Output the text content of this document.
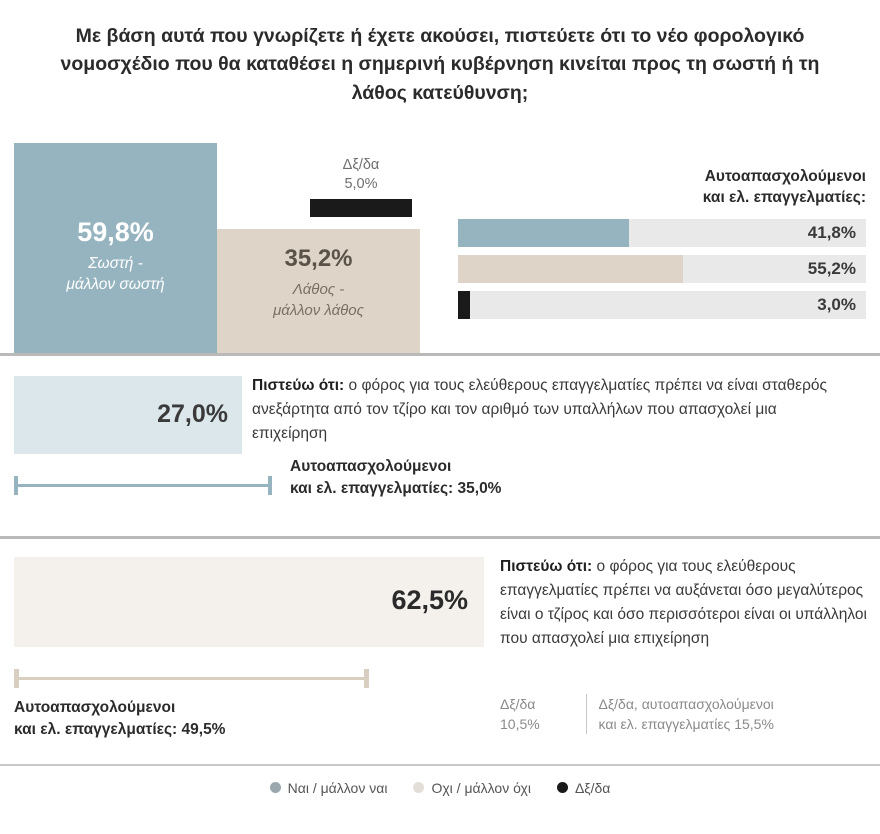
Με βάση αυτά που γνωρίζετε ή έχετε ακούσει, πιστεύετε ότι το νέο φορολογικό νομοσχέδιο που θα καταθέσει η σημερινή κυβέρνηση κινείται προς τη σωστή ή τη λάθος κατεύθυνση;
Δξ/δα
5,0%
59,8%
Σωστή -
μάλλον σωστή
35,2%
Λάθος -
μάλλον λάθος
Αυτοαπασχολούμενοι
και ελ. επαγγελματίες:
41,8%
55,2%
3,0%
27,0%
Πιστεύω ότι: ο φόρος για τους ελεύθερους επαγγελματίες πρέπει να είναι σταθερός ανεξάρτητα από τον τζίρο και τον αριθμό των υπαλλήλων που απασχολεί μια επιχείρηση
Αυτοαπασχολούμενοι
και ελ. επαγγελματίες: 35,0%
62,5%
Πιστεύω ότι: ο φόρος για τους ελεύθερους επαγγελματίες πρέπει να αυξάνεται όσο μεγαλύτερος είναι ο τζίρος και όσο περισσότεροι είναι οι υπάλληλοι που απασχολεί μια επιχείρηση
Αυτοαπασχολούμενοι
και ελ. επαγγελματίες: 49,5%
Δξ/δα
10,5%
Δξ/δα, αυτοαπασχολούμενοι
και ελ. επαγγελματίες 15,5%
Ναι / μάλλον ναι	Οχι / μάλλον όχι	Δξ/δα
